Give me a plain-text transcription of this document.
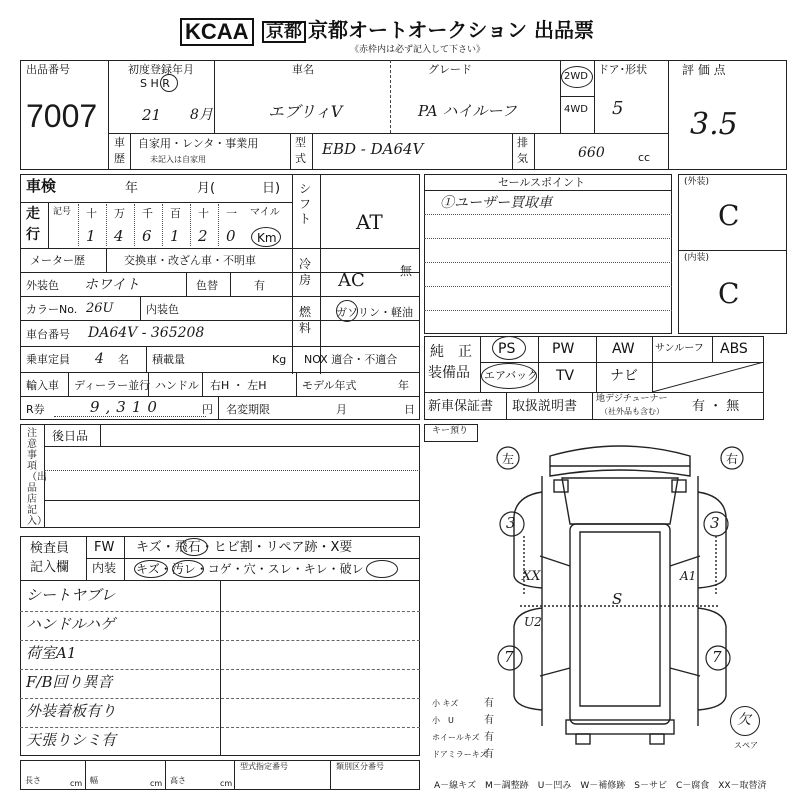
KCAA 京都 京都オートオークション 出品票
《赤枠内は必ず記入して下さい》
出品番号
7007
初度登録年月
S H R
21 8月
車名
エブリィV
グレード
PA ハイルーフ
2WD
4WD
ドア･形状
5
評 価 点
3.5
車
歴
自家用・レンタ・事業用
未記入は自家用
型
式
EBD - DA64V	排
気	660	cc
車検	年	月(	日)
走
行
記号 十 万 千 百 十 一
1 4 6 1 2 0
マイル
Km
メーター歴	交換車・改ざん車・不明車
外装色 ホワイト	色替	有
カラーNo. 26U	内装色
車台番号 DA64V - 365208
乗車定員 4 名 積載量	Kg NOX 適合・不適合
輸入車 ディーラー並行 ハンドル 右H ・ 左H	モデル年式	年
R券	9,310	円 名変期限	月	日
シフト AT
冷房 AC	無
燃料
ガソリン・軽油
セールスポイント
①ユーザー買取車
(外装)
C
(内装)
C
純　正
装備品
PS	PW	AW サンルーフ ABS
エアバック TV	ナビ
新車保証書 取扱説明書 地デジチューナー
（社外品も含む） 有 ・ 無
注意事項（出品店記入）
後日品
検査員
記入欄
FW キズ・飛石・ヒビ割・リペア跡・X要
内装 キズ・汚レ・コゲ・穴・スレ・キレ・破レ
シートヤブレ
ハンドルハゲ
荷室A1
F/B回り異音
外装着板有り
天張りシミ有
キー預り
左	右
3	3
XX	A1
S
U2
7	7
小 キズ
小　U
ホイールキズ
ドアミラーキズ
有
有
有
有
欠
スペア
長さ	cm 幅	cm 高さ	cm
型式指定番号	類別区分番号
A－線キズ　M－調整跡　U－凹み　W－補修跡　S－サビ　C－腐食　XX－取替済
